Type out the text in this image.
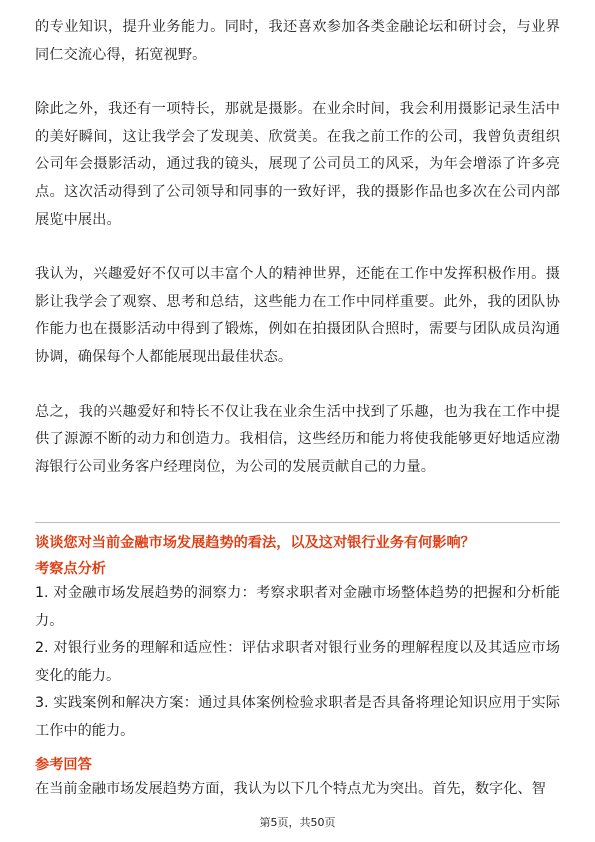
的专业知识，提升业务能力。同时，我还喜欢参加各类金融论坛和研讨会，与业界同仁交流心得，拓宽视野。

除此之外，我还有一项特长，那就是摄影。在业余时间，我会利用摄影记录生活中的美好瞬间，这让我学会了发现美、欣赏美。在我之前工作的公司，我曾负责组织公司年会摄影活动，通过我的镜头，展现了公司员工的风采，为年会增添了许多亮点。这次活动得到了公司领导和同事的一致好评，我的摄影作品也多次在公司内部展览中展出。

我认为，兴趣爱好不仅可以丰富个人的精神世界，还能在工作中发挥积极作用。摄影让我学会了观察、思考和总结，这些能力在工作中同样重要。此外，我的团队协作能力也在摄影活动中得到了锻炼，例如在拍摄团队合照时，需要与团队成员沟通协调，确保每个人都能展现出最佳状态。

总之，我的兴趣爱好和特长不仅让我在业余生活中找到了乐趣，也为我在工作中提供了源源不断的动力和创造力。我相信，这些经历和能力将使我能够更好地适应渤海银行公司业务客户经理岗位，为公司的发展贡献自己的力量。

谈谈您对当前金融市场发展趋势的看法，以及这对银行业务有何影响？

考察点分析

1. 对金融市场发展趋势的洞察力：考察求职者对金融市场整体趋势的把握和分析能力。

2. 对银行业务的理解和适应性：评估求职者对银行业务的理解程度以及其适应市场变化的能力。

3. 实践案例和解决方案：通过具体案例检验求职者是否具备将理论知识应用于实际工作中的能力。

参考回答

在当前金融市场发展趋势方面，我认为以下几个特点尤为突出。首先，数字化、智

第5页，共50页
